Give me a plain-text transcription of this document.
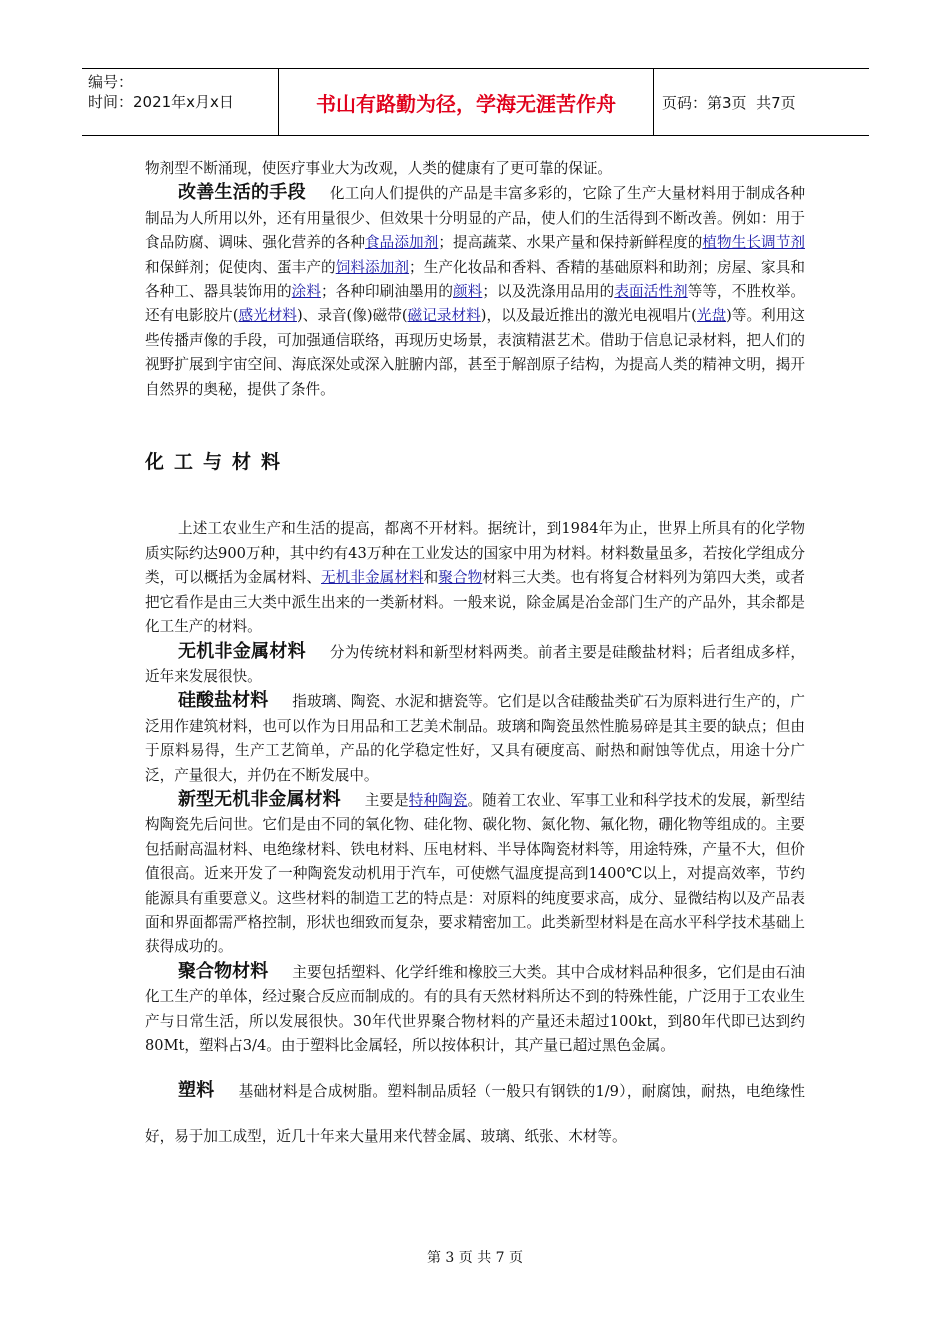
编号：
时间：2021年x月x日	书山有路勤为径，学海无涯苦作舟	页码：第3页  共7页

物剂型不断涌现，使医疗事业大为改观，人类的健康有了更可靠的保证。

改善生活的手段 化工向人们提供的产品是丰富多彩的，它除了生产大量材料用于制成各种制品为人所用以外，还有用量很少、但效果十分明显的产品，使人们的生活得到不断改善。例如：用于食品防腐、调味、强化营养的各种食品添加剂；提高蔬菜、水果产量和保持新鲜程度的植物生长调节剂和保鲜剂；促使肉、蛋丰产的饲料添加剂；生产化妆品和香料、香精的基础原料和助剂；房屋、家具和各种工、器具装饰用的涂料；各种印刷油墨用的颜料；以及洗涤用品用的表面活性剂等等，不胜枚举。还有电影胶片(感光材料)、录音(像)磁带(磁记录材料)，以及最近推出的激光电视唱片(光盘)等。利用这些传播声像的手段，可加强通信联络，再现历史场景，表演精湛艺术。借助于信息记录材料，把人们的视野扩展到宇宙空间、海底深处或深入脏腑内部，甚至于解剖原子结构，为提高人类的精神文明，揭开自然界的奥秘，提供了条件。

化工与材料

上述工农业生产和生活的提高，都离不开材料。据统计，到1984年为止，世界上所具有的化学物质实际约达900万种，其中约有43万种在工业发达的国家中用为材料。材料数量虽多，若按化学组成分类，可以概括为金属材料、无机非金属材料和聚合物材料三大类。也有将复合材料列为第四大类，或者把它看作是由三大类中派生出来的一类新材料。一般来说，除金属是冶金部门生产的产品外，其余都是化工生产的材料。

无机非金属材料 分为传统材料和新型材料两类。前者主要是硅酸盐材料；后者组成多样，近年来发展很快。

硅酸盐材料 指玻璃、陶瓷、水泥和搪瓷等。它们是以含硅酸盐类矿石为原料进行生产的，广泛用作建筑材料，也可以作为日用品和工艺美术制品。玻璃和陶瓷虽然性脆易碎是其主要的缺点；但由于原料易得，生产工艺简单，产品的化学稳定性好，又具有硬度高、耐热和耐蚀等优点，用途十分广泛，产量很大，并仍在不断发展中。

新型无机非金属材料 主要是特种陶瓷。随着工农业、军事工业和科学技术的发展，新型结构陶瓷先后问世。它们是由不同的氧化物、硅化物、碳化物、氮化物、氟化物，硼化物等组成的。主要包括耐高温材料、电绝缘材料、铁电材料、压电材料、半导体陶瓷材料等，用途特殊，产量不大，但价值很高。近来开发了一种陶瓷发动机用于汽车，可使燃气温度提高到1400℃以上，对提高效率，节约能源具有重要意义。这些材料的制造工艺的特点是：对原料的纯度要求高，成分、显微结构以及产品表面和界面都需严格控制，形状也细致而复杂，要求精密加工。此类新型材料是在高水平科学技术基础上获得成功的。

聚合物材料 主要包括塑料、化学纤维和橡胶三大类。其中合成材料品种很多，它们是由石油化工生产的单体，经过聚合反应而制成的。有的具有天然材料所达不到的特殊性能，广泛用于工农业生产与日常生活，所以发展很快。30年代世界聚合物材料的产量还未超过100kt，到80年代即已达到约80Mt，塑料占3/4。由于塑料比金属轻，所以按体积计，其产量已超过黑色金属。

塑料 基础材料是合成树脂。塑料制品质轻（一般只有钢铁的1/9），耐腐蚀，耐热，电绝缘性好，易于加工成型，近几十年来大量用来代替金属、玻璃、纸张、木材等。

第 3 页 共 7 页
